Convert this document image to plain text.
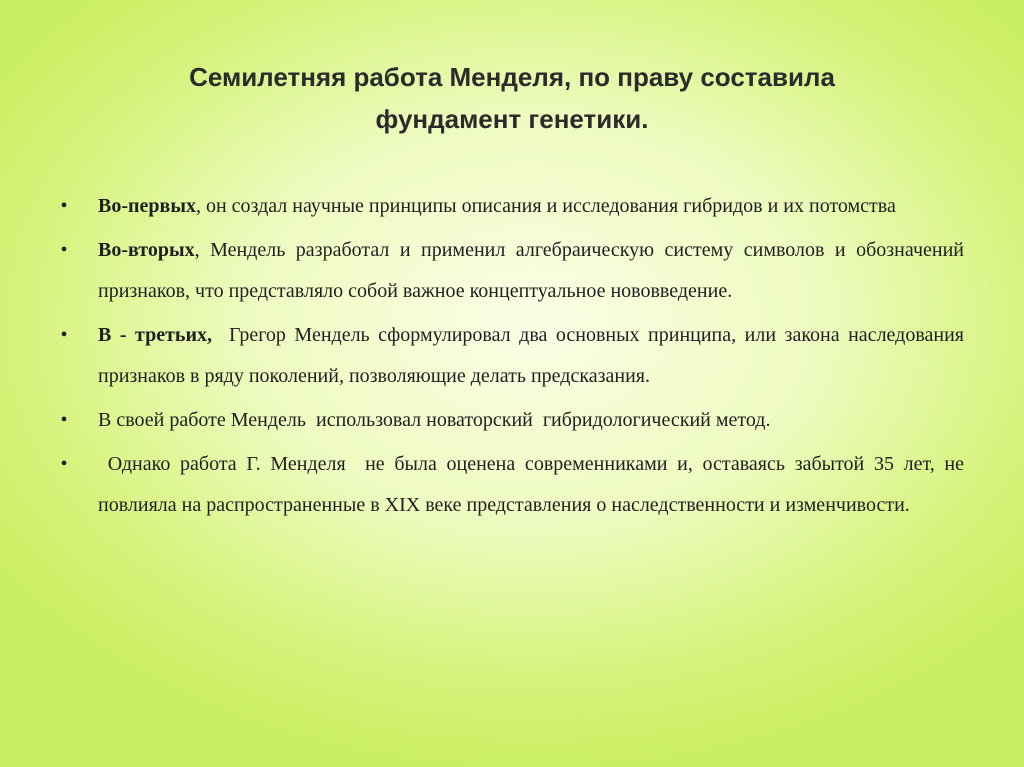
Семилетняя работа Менделя, по праву составила
фундамент генетики.
• Во-первых, он создал научные принципы описания и исследования гибридов и их потомства
• Во-вторых, Мендель разработал и применил алгебраическую систему символов и обозначений признаков, что представляло собой важное концептуальное нововведение.
• В - третьих,  Грегор Мендель сформулировал два основных принципа, или закона наследования признаков в ряду поколений, позволяющие делать предсказания.
• В своей работе Мендель  использовал новаторский  гибридологический метод.
• Однако работа Г. Менделя  не была оценена современниками и, оставаясь забытой 35 лет, не повлияла на распространенные в XIX веке представления о наследственности и изменчивости.
